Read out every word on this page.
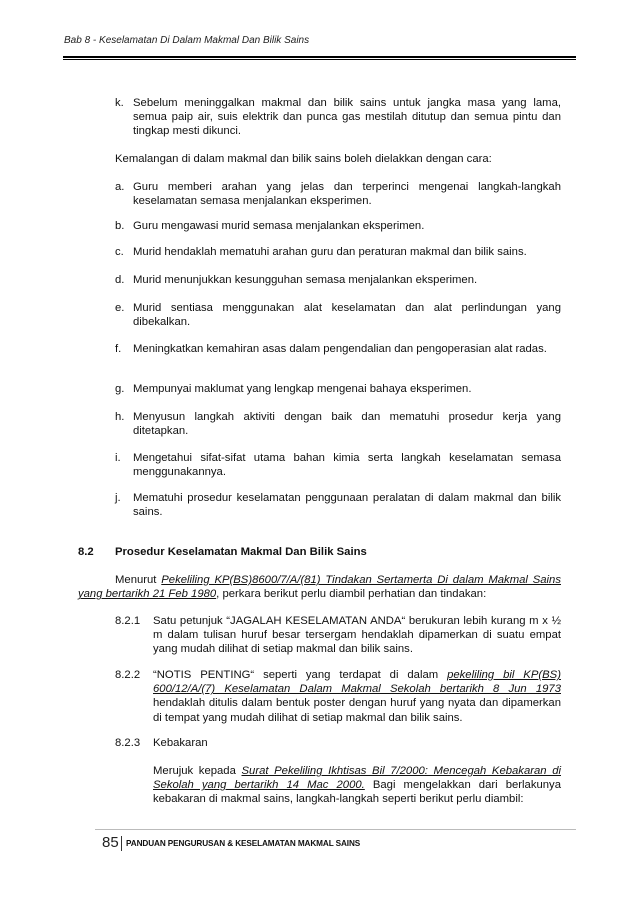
Bab 8 - Keselamatan Di Dalam Makmal Dan Bilik Sains
k. Sebelum meninggalkan makmal dan bilik sains untuk jangka masa yang lama, semua paip air, suis elektrik dan punca gas mestilah ditutup dan semua pintu dan tingkap mesti dikunci.
Kemalangan di dalam makmal dan bilik sains boleh dielakkan dengan cara:
a. Guru memberi arahan yang jelas dan terperinci mengenai langkah-langkah keselamatan semasa menjalankan eksperimen.
b. Guru mengawasi murid semasa menjalankan eksperimen.
c. Murid hendaklah mematuhi arahan guru dan peraturan makmal dan bilik sains.
d. Murid menunjukkan kesungguhan semasa menjalankan eksperimen.
e. Murid sentiasa menggunakan alat keselamatan dan alat perlindungan yang dibekalkan.
f. Meningkatkan kemahiran asas dalam pengendalian dan pengoperasian alat radas.
g. Mempunyai maklumat yang lengkap mengenai bahaya eksperimen.
h. Menyusun langkah aktiviti dengan baik dan mematuhi prosedur kerja yang ditetapkan.
i. Mengetahui sifat-sifat utama bahan kimia serta langkah keselamatan semasa menggunakannya.
j. Mematuhi prosedur keselamatan penggunaan peralatan di dalam makmal dan bilik sains.
8.2 Prosedur Keselamatan Makmal Dan Bilik Sains
Menurut Pekeliling KP(BS)8600/7/A/(81) Tindakan Sertamerta Di dalam Makmal Sains yang bertarikh 21 Feb 1980, perkara berikut perlu diambil perhatian dan tindakan:
8.2.1 Satu petunjuk “JAGALAH KESELAMATAN ANDA“ berukuran lebih kurang m x ½ m dalam tulisan huruf besar tersergam hendaklah dipamerkan di suatu empat yang mudah dilihat di setiap makmal dan bilik sains.
8.2.2 “NOTIS PENTING“ seperti yang terdapat di dalam pekeliling bil KP(BS) 600/12/A/(7) Keselamatan Dalam Makmal Sekolah bertarikh 8 Jun 1973 hendaklah ditulis dalam bentuk poster dengan huruf yang nyata dan dipamerkan di tempat yang mudah dilihat di setiap makmal dan bilik sains.
8.2.3 Kebakaran
Merujuk kepada Surat Pekeliling Ikhtisas Bil 7/2000: Mencegah Kebakaran di Sekolah yang bertarikh 14 Mac 2000. Bagi mengelakkan dari berlakunya kebakaran di makmal sains, langkah-langkah seperti berikut perlu diambil:
85 PANDUAN PENGURUSAN & KESELAMATAN MAKMAL SAINS
